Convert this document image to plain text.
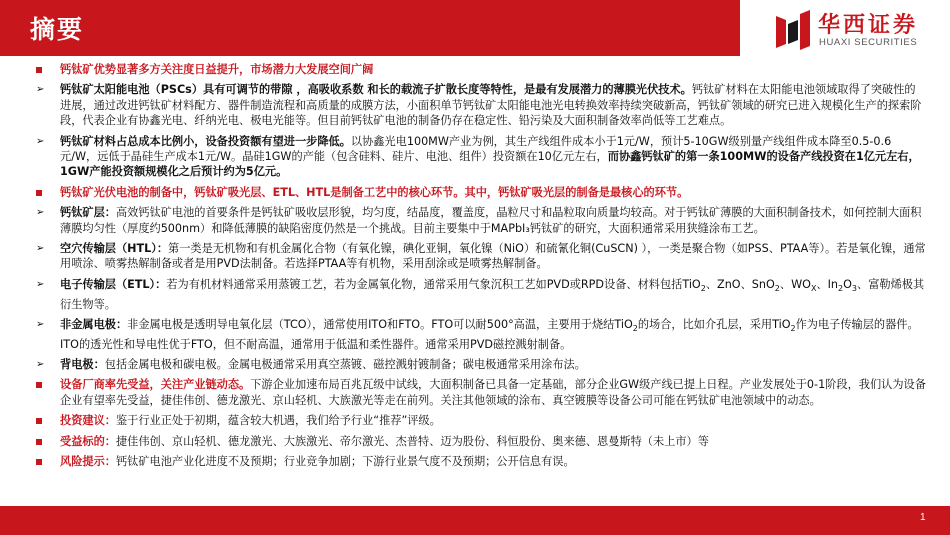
摘要	华西证券
HUAXI SECURITIES
钙钛矿优势显著多方关注度日益提升，市场潜力大发展空间广阔
➢	钙钛矿太阳能电池（PSCs）具有可调节的带隙 ，高吸收系数 和长的载流子扩散长度等特性，是最有发展潜力的薄膜光伏技术。钙钛矿材料在太阳能电池领域取得了突破性的进展，通过改进钙钛矿材料配方、器件制造流程和高质量的成膜方法，小面积单节钙钛矿太阳能电池光电转换效率持续突破新高，钙钛矿领域的研究已进入规模化生产的探索阶段，代表企业有协鑫光电、纤纳光电、极电光能等。但目前钙钛矿电池的制备仍存在稳定性、铅污染及大面积制备效率尚低等工艺难点。
➢	钙钛矿材料占总成本比例小，设备投资额有望进一步降低。以协鑫光电100MW产业为例，其生产线组件成本小于1元/W，预计5-10GW级别量产线组件成本降至0.5-0.6元/W，远低于晶硅生产成本1元/W。晶硅1GW的产能（包含硅料、硅片、电池、组件）投资额在10亿元左右，而协鑫钙钛矿的第一条100MW的设备产线投资在1亿元左右，1GW产能投资额规模化之后预计约为5亿元。
钙钛矿光伏电池的制备中，钙钛矿吸光层、ETL、HTL是制备工艺中的核心环节。其中，钙钛矿吸光层的制备是最核心的环节。
➢	钙钛矿层：高效钙钛矿电池的首要条件是钙钛矿吸收层形貌，均匀度，结晶度，覆盖度，晶粒尺寸和晶粒取向质量均较高。对于钙钛矿薄膜的大面积制备技术，如何控制大面积薄膜均匀性（厚度约500nm）和降低薄膜的缺陷密度仍然是一个挑战。目前主要集中于MAPbI₃钙钛矿的研究，大面积通常采用狭缝涂布工艺。
➢	空穴传输层（HTL）：第一类是无机物和有机金属化合物（有氧化镍，碘化亚铜，氧化镍（NiO）和硫氰化铜(CuSCN) ），一类是聚合物（如PSS、PTAA等）。若是氧化镍，通常用喷涂、喷雾热解制备或者是用PVD法制备。若选择PTAA等有机物，采用刮涂或是喷雾热解制备。
➢	电子传输层（ETL）：若为有机材料通常采用蒸镀工艺，若为金属氧化物，通常采用气象沉积工艺如PVD或RPD设备、材料包括TiO$_2$、ZnO、SnO$_2$、$WO_X$、$In_2O_3$、富勒烯极其衍生物等。
➢	非金属电极：非金属电极是透明导电氧化层（TCO），通常使用ITO和FTO。FTO可以耐500°高温，主要用于烧结TiO$_2$的场合，比如介孔层，采用TiO$_2$作为电子传输层的器件。ITO的透光性和导电性优于FTO，但不耐高温，通常用于低温和柔性器件。通常采用PVD磁控溅射制备。
➢	背电极：包括金属电极和碳电极。金属电极通常采用真空蒸镀、磁控溅射镀制备；碳电极通常采用涂布法。
设备厂商率先受益，关注产业链动态。下游企业加速布局百兆瓦级中试线，大面积制备已具备一定基础，部分企业GW级产线已提上日程。产业发展处于0-1阶段，我们认为设备企业有望率先受益，捷佳伟创、德龙激光、京山轻机、大族激光等走在前列。关注其他领域的涂布、真空镀膜等设备公司可能在钙钛矿电池领域中的动态。
投资建议：鉴于行业正处于初期，蕴含较大机遇，我们给予行业“推荐”评级。
受益标的：捷佳伟创、京山轻机、德龙激光、大族激光、帝尔激光、杰普特、迈为股份、科恒股份、奥来德、恩曼斯特（未上市）等
风险提示：钙钛矿电池产业化进度不及预期；行业竞争加剧；下游行业景气度不及预期；公开信息有误。
1
